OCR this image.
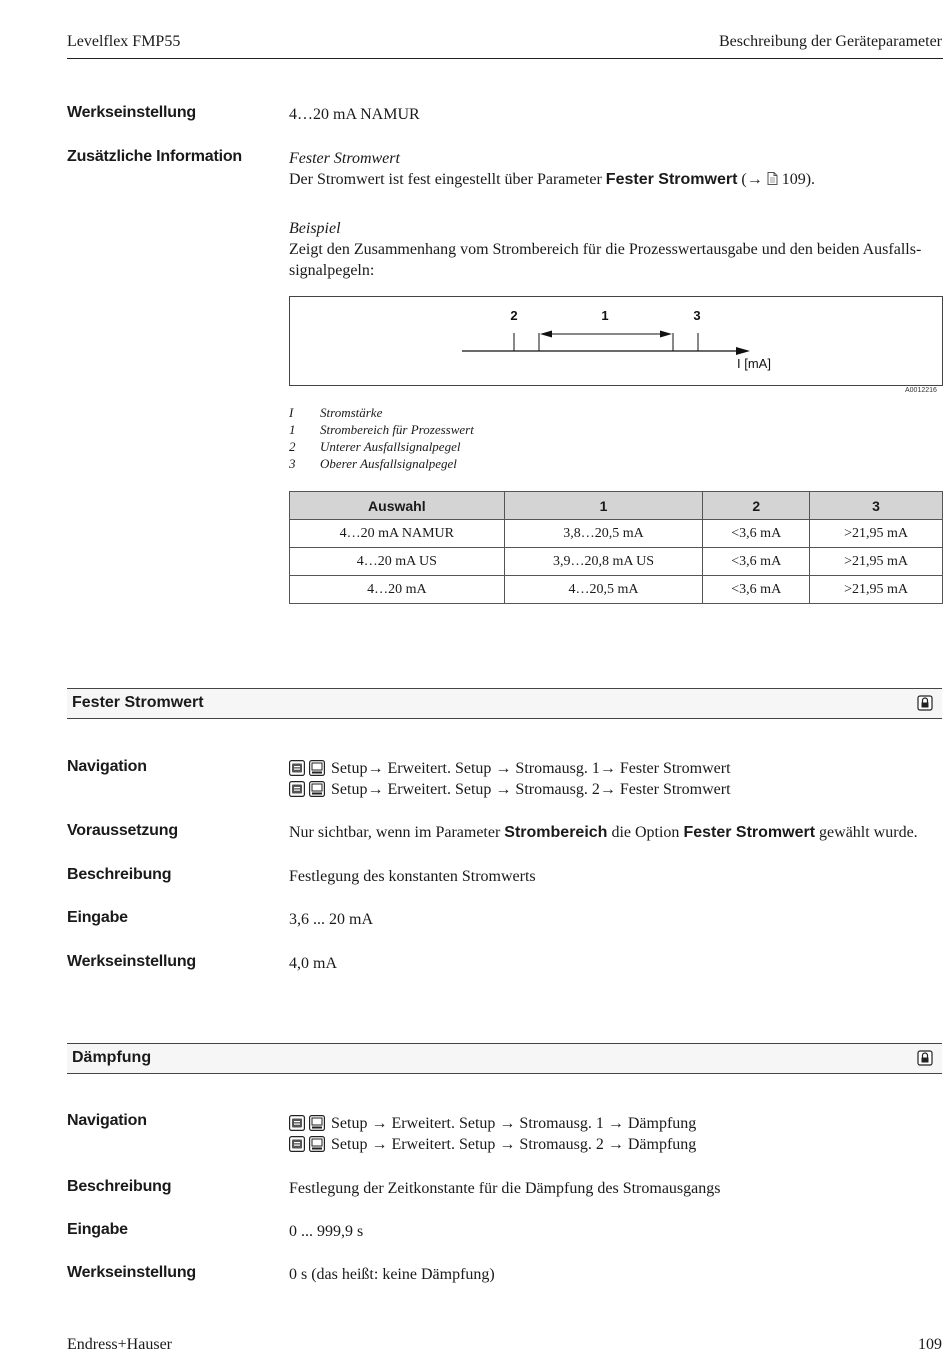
Levelflex FMP55	Beschreibung der Geräteparameter
Werkseinstellung	4…20 mA NAMUR
Zusätzliche Information	Fester Stromwert
Der Stromwert ist fest eingestellt über Parameter Fester Stromwert (→  109).
Beispiel
Zeigt den Zusammenhang vom Strombereich für die Prozesswertausgabe und den beiden Ausfalls-
signalpegeln:
2	1	3
I [mA]
A0012216
I Stromstärke
1 Strombereich für Prozesswert
2 Unterer Ausfallsignalpegel
3 Oberer Ausfallsignalpegel
Auswahl	1	2	3
4…20 mA NAMUR	3,8…20,5 mA	<3,6 mA	>21,95 mA
4…20 mA US	3,9…20,8 mA US	<3,6 mA	>21,95 mA
4…20 mA	4…20,5 mA	<3,6 mA	>21,95 mA
Fester Stromwert
Navigation	Setup→ Erweitert. Setup → Stromausg. 1→ Fester Stromwert
Setup→ Erweitert. Setup → Stromausg. 2→ Fester Stromwert
Voraussetzung	Nur sichtbar, wenn im Parameter Strombereich die Option Fester Stromwert gewählt wurde.
Beschreibung	Festlegung des konstanten Stromwerts
Eingabe	3,6 ... 20 mA
Werkseinstellung	4,0 mA
Dämpfung
Navigation	Setup → Erweitert. Setup → Stromausg. 1 → Dämpfung
Setup → Erweitert. Setup → Stromausg. 2 → Dämpfung
Beschreibung	Festlegung der Zeitkonstante für die Dämpfung des Stromausgangs
Eingabe	0 ... 999,9 s
Werkseinstellung	0 s (das heißt: keine Dämpfung)
Endress+Hauser	109
